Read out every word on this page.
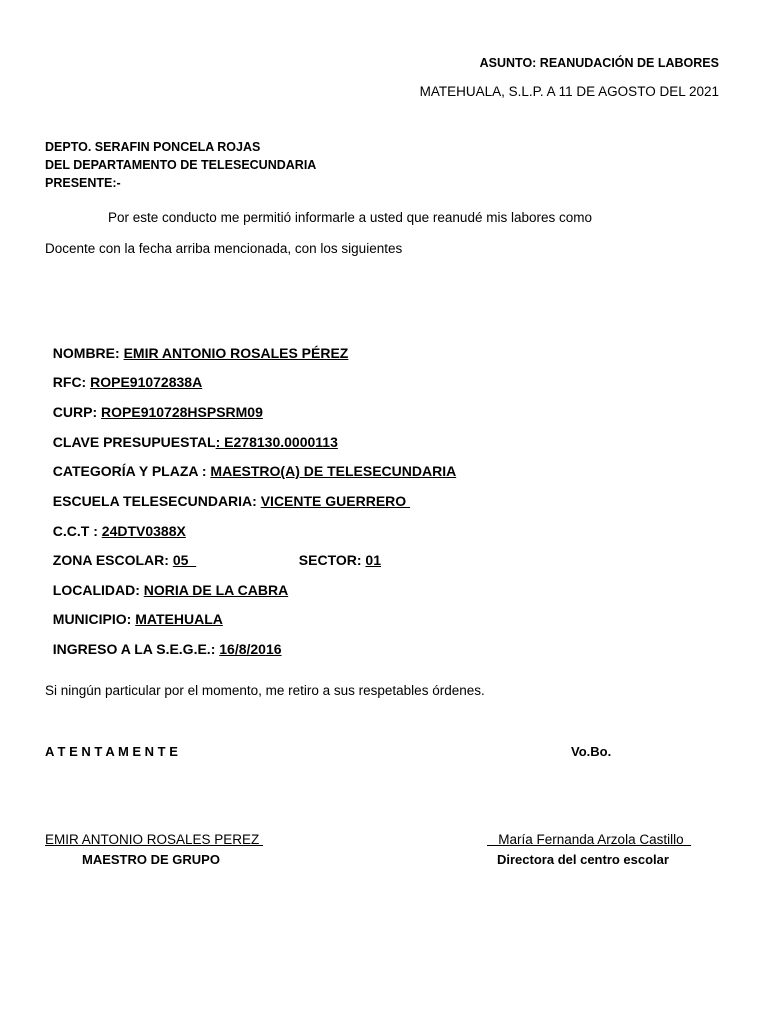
ASUNTO: REANUDACIÓN DE LABORES
MATEHUALA, S.L.P. A 11 DE AGOSTO DEL 2021
DEPTO. SERAFIN PONCELA ROJAS
DEL DEPARTAMENTO DE TELESECUNDARIA
PRESENTE:-
Por este conducto me permitió informarle a usted que reanudé mis labores como
Docente con la fecha arriba mencionada, con los siguientes

NOMBRE: EMIR ANTONIO ROSALES PÉREZ

RFC: ROPE91072838A

CURP: ROPE910728HSPSRM09

CLAVE PRESUPUESTAL: E278130.0000113

CATEGORÍA Y PLAZA : MAESTRO(A) DE TELESECUNDARIA

ESCUELA TELESECUNDARIA: VICENTE GUERRERO

C.C.T : 24DTV0388X

ZONA ESCOLAR: 05	SECTOR: 01

LOCALIDAD: NORIA DE LA CABRA

MUNICIPIO: MATEHUALA

INGRESO A LA S.E.G.E.: 16/8/2016

Si ningún particular por el momento, me retiro a sus respetables órdenes.
A T E N T A M E N T E	Vo.Bo.
EMIR ANTONIO ROSALES PEREZ
MAESTRO DE GRUPO
María Fernanda Arzola Castillo
Directora del centro escolar
